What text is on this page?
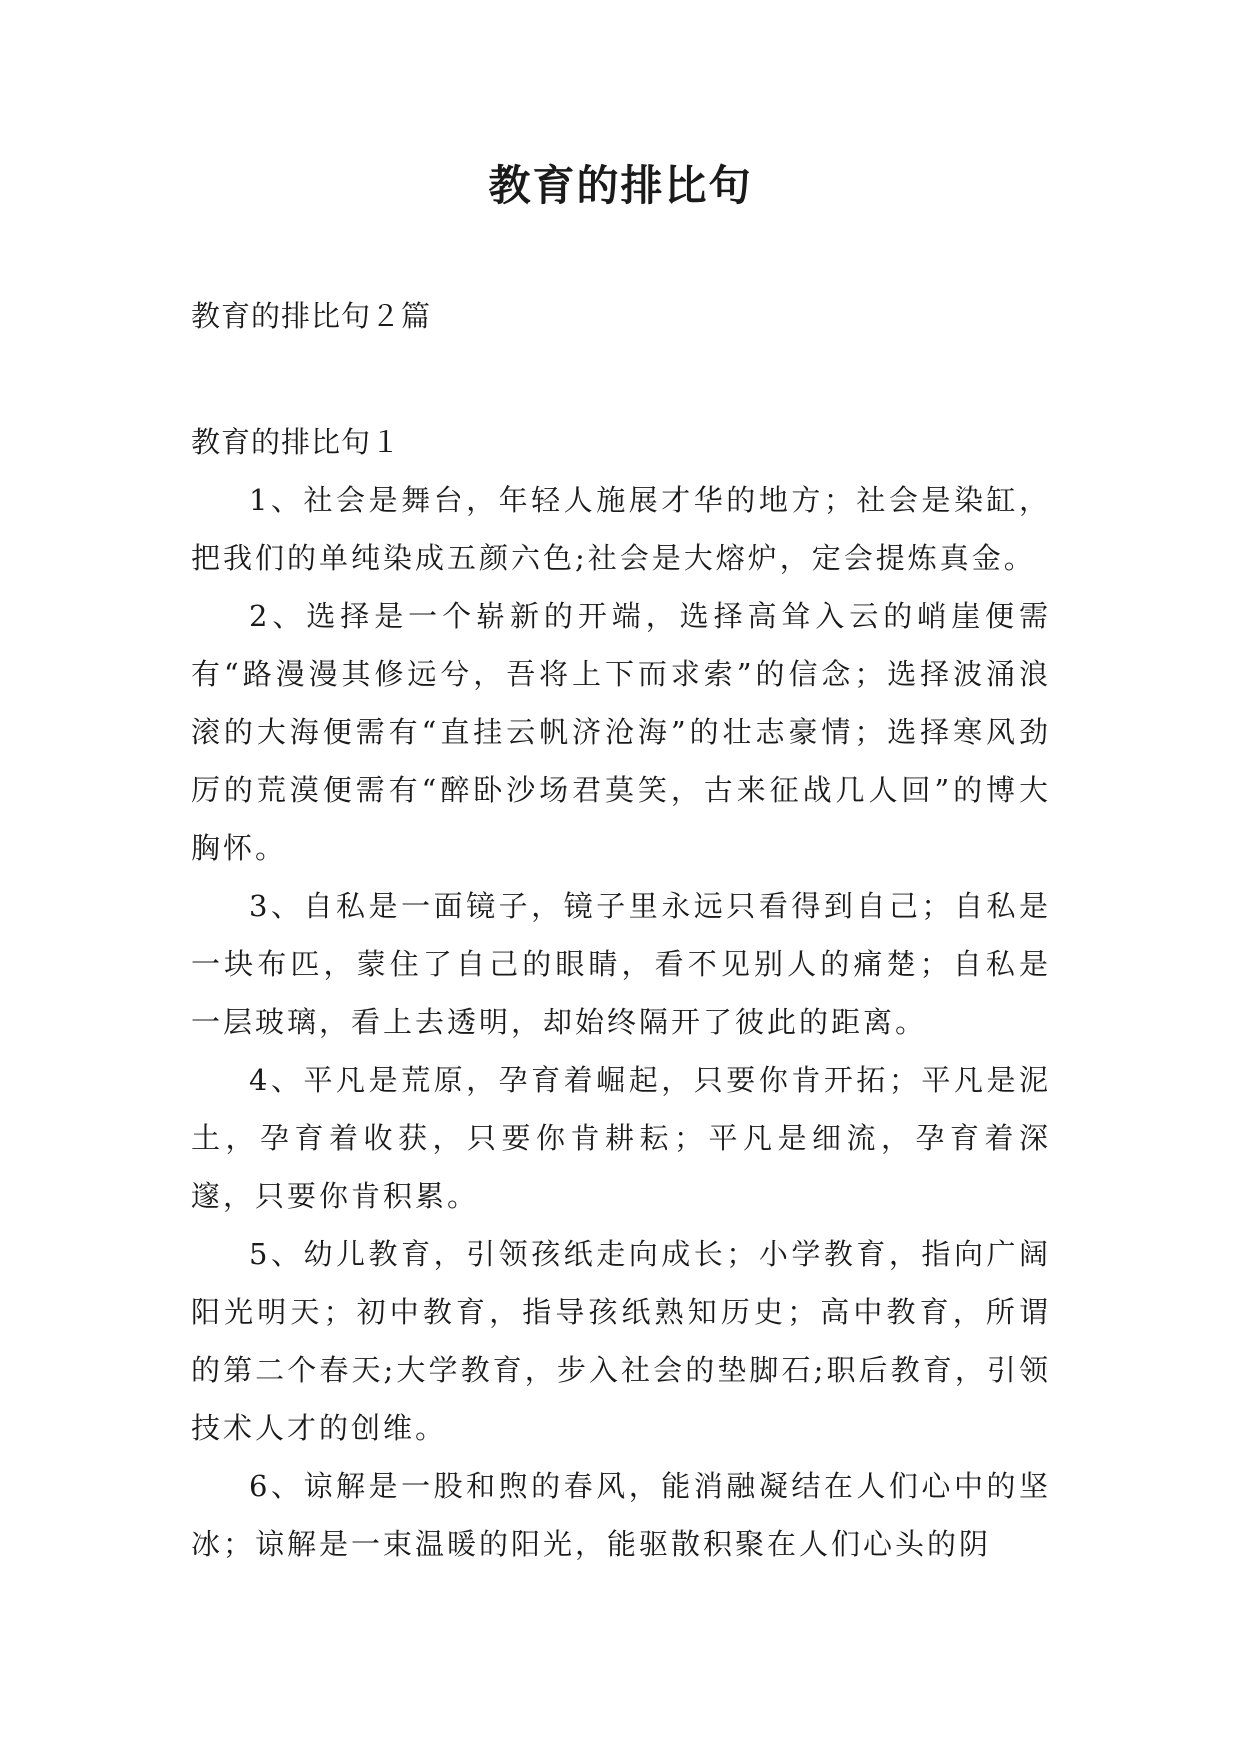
教育的排比句
教育的排比句２篇

教育的排比句１

1、社会是舞台，年轻人施展才华的地方；社会是染缸，把我们的单纯染成五颜六色;社会是大熔炉，定会提炼真金。

2、选择是一个崭新的开端，选择高耸入云的峭崖便需有“路漫漫其修远兮，吾将上下而求索”的信念；选择波涌浪滚的大海便需有“直挂云帆济沧海”的壮志豪情；选择寒风劲厉的荒漠便需有“醉卧沙场君莫笑，古来征战几人回”的博大胸怀。

3、自私是一面镜子，镜子里永远只看得到自己；自私是一块布匹，蒙住了自己的眼睛，看不见别人的痛楚；自私是一层玻璃，看上去透明，却始终隔开了彼此的距离。

4、平凡是荒原，孕育着崛起，只要你肯开拓；平凡是泥土，孕育着收获，只要你肯耕耘；平凡是细流，孕育着深邃，只要你肯积累。

5、幼儿教育，引领孩纸走向成长；小学教育，指向广阔阳光明天；初中教育，指导孩纸熟知历史；高中教育，所谓的第二个春天;大学教育，步入社会的垫脚石;职后教育，引领技术人才的创维。

6、谅解是一股和煦的春风，能消融凝结在人们心中的坚冰；谅解是一束温暖的阳光，能驱散积聚在人们心头的阴
